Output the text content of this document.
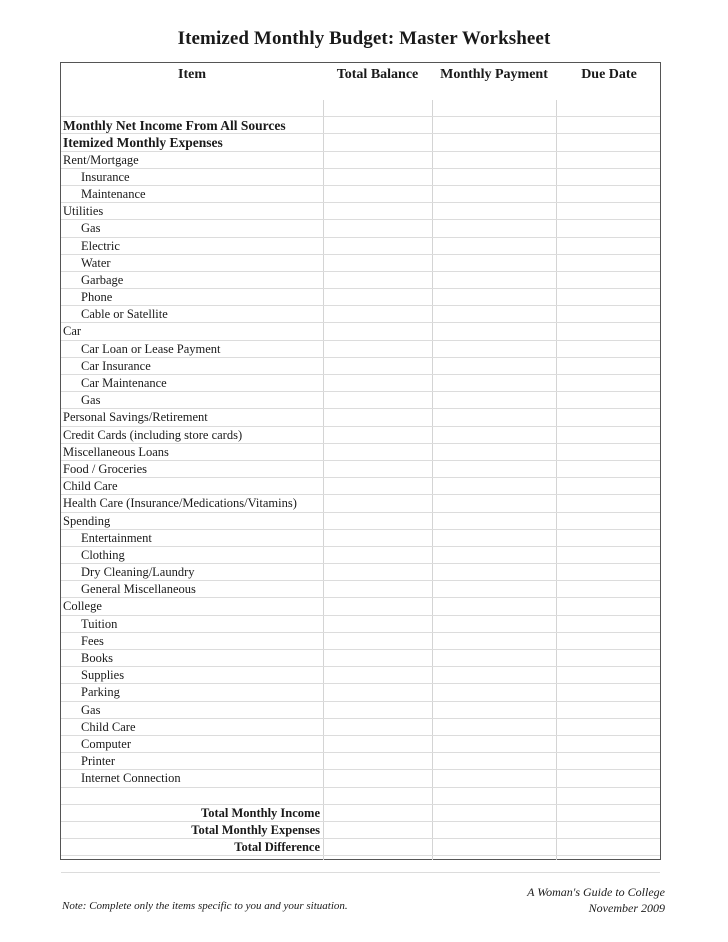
Itemized Monthly Budget: Master Worksheet
Item	Total Balance	Monthly Payment	Due Date
Monthly Net Income From All Sources
Itemized Monthly Expenses
Rent/Mortgage
Insurance
Maintenance
Utilities
Gas
Electric
Water
Garbage
Phone
Cable or Satellite
Car
Car Loan or Lease Payment
Car Insurance
Car Maintenance
Gas
Personal Savings/Retirement
Credit Cards (including store cards)
Miscellaneous Loans
Food / Groceries
Child Care
Health Care (Insurance/Medications/Vitamins)
Spending
Entertainment
Clothing
Dry Cleaning/Laundry
General Miscellaneous
College
Tuition
Fees
Books
Supplies
Parking
Gas
Child Care
Computer
Printer
Internet Connection
Total Monthly Income
Total Monthly Expenses
Total Difference
Note: Complete only the items specific to you and your situation.
A Woman's Guide to College
November 2009
